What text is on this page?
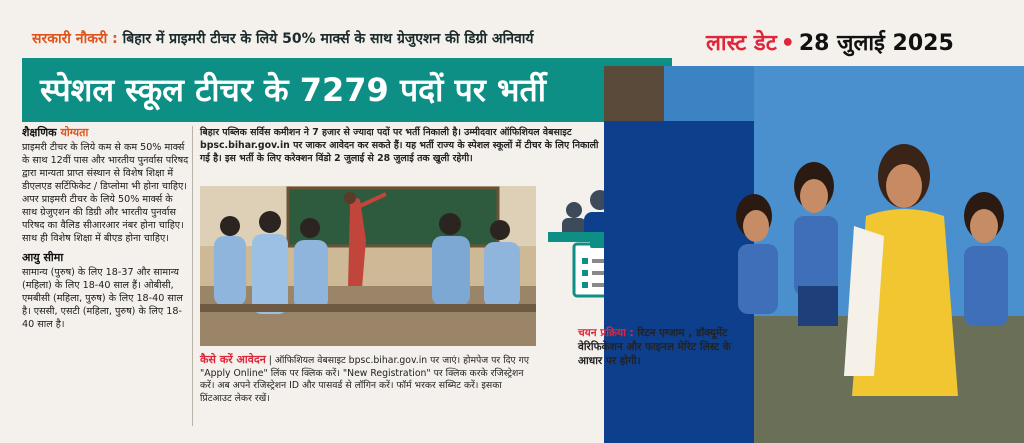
सरकारी नौकरी : बिहार में प्राइमरी टीचर के लिये 50% मार्क्स के साथ ग्रेजुएशन की डिग्री अनिवार्य
स्पेशल स्कूल टीचर के 7279 पदों पर भर्ती
लास्ट डेट • 28 जुलाई 2025
शैक्षणिक योग्यता

प्राइमरी टीचर के लिये कम से कम 50% मार्क्स के साथ 12वीं पास और भारतीय पुनर्वास परिषद द्वारा मान्यता प्राप्त संस्थान से विशेष शिक्षा में डीएलएड सर्टिफिकेट / डिप्लोमा भी होना चाहिए। अपर प्राइमरी टीचर के लिये 50% मार्क्स के साथ ग्रेजुएशन की डिग्री और भारतीय पुनर्वास परिषद का वैलिड सीआरआर नंबर होना चाहिए। साथ ही विशेष शिक्षा में बीएड होना चाहिए।

आयु सीमा

सामान्य (पुरुष) के लिए 18-37 और सामान्य (महिला) के लिए 18-40 साल हैं। ओबीसी, एमबीसी (महिला, पुरुष) के लिए 18-40 साल है। एससी, एसटी (महिला, पुरुष) के लिए 18-40 साल है।

बिहार पब्लिक सर्विस कमीशन ने 7 हजार से ज्यादा पदों पर भर्ती निकाली है। उम्मीदवार ऑफिशियल वेबसाइट bpsc.bihar.gov.in पर जाकर आवेदन कर सकते हैं। यह भर्ती राज्य के स्पेशल स्कूलों में टीचर के लिए निकाली गई है। इस भर्ती के लिए करेक्शन विंडो 2 जुलाई से 28 जुलाई तक खुली रहेगी।
कैसे करें आवेदन | ऑफिशियल वेबसाइट bpsc.bihar.gov.in पर जाएं। होमपेज पर दिए गए "Apply Online" लिंक पर क्लिक करें। "New Registration" पर क्लिक करके रजिस्ट्रेशन करें। अब अपने रजिस्ट्रेशन ID और पासवर्ड से लॉगिन करें। फॉर्म भरकर सब्मिट करें। इसका प्रिंटआउट लेकर रखें।
चयन प्रक्रिया : रिटन एग्जाम , डॉक्यूमेंट वेरिफिकेशन और फाइनल मेरिट लिस्ट के आधार पर होगी।
